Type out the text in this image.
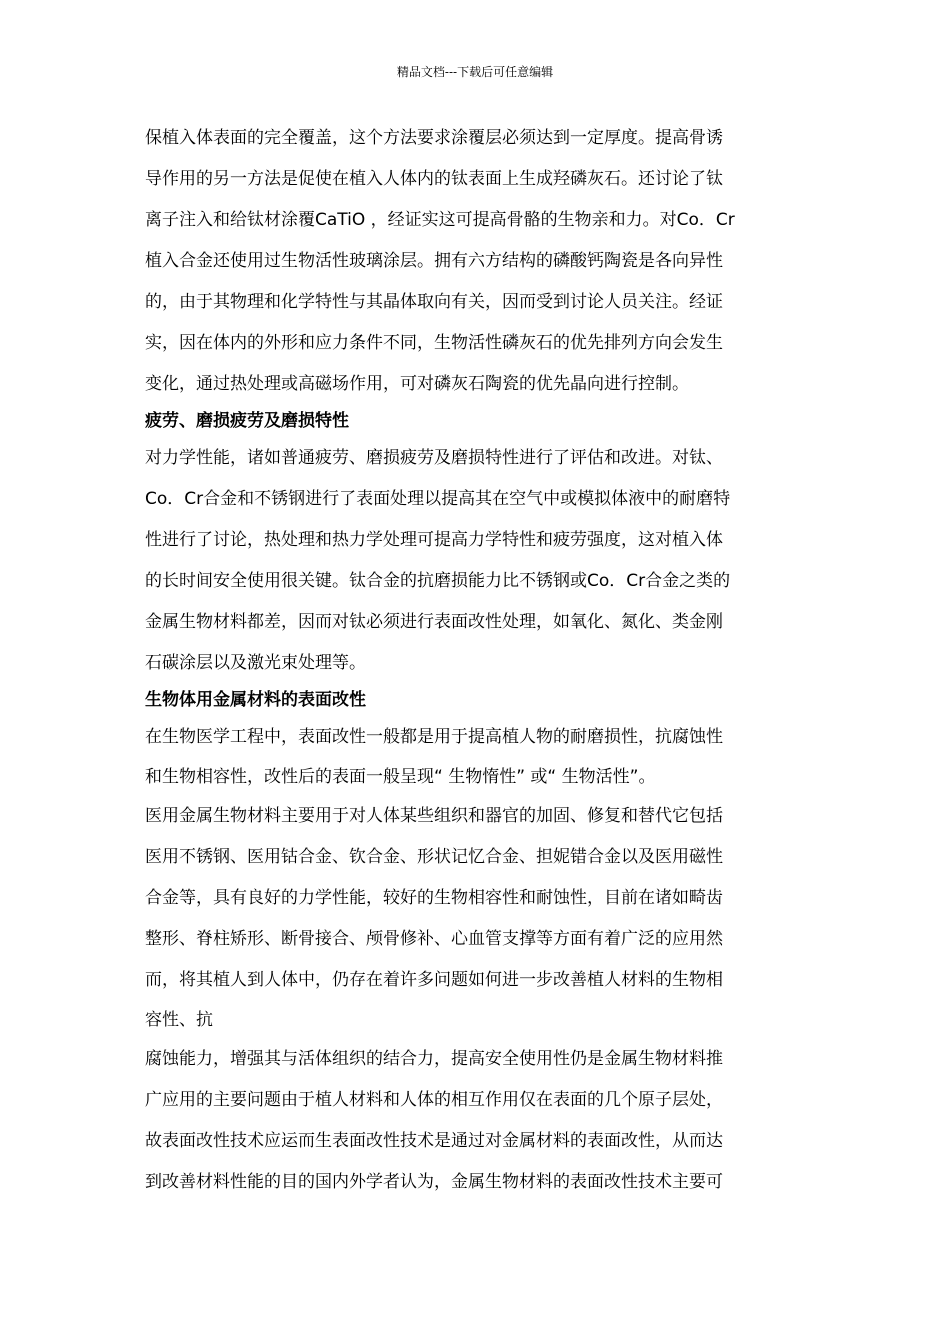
精品文档---下载后可任意编辑
保植入体表面的完全覆盖，这个方法要求涂覆层必须达到一定厚度。提高骨诱
导作用的另一方法是促使在植入人体内的钛表面上生成羟磷灰石。还讨论了钛
离子注入和给钛材涂覆CaTiO ，经证实这可提高骨骼的生物亲和力。对Co．Cr
植入合金还使用过生物活性玻璃涂层。拥有六方结构的磷酸钙陶瓷是各向异性
的，由于其物理和化学特性与其晶体取向有关，因而受到讨论人员关注。经证
实，因在体内的外形和应力条件不同，生物活性磷灰石的优先排列方向会发生
变化，通过热处理或高磁场作用，可对磷灰石陶瓷的优先晶向进行控制。
疲劳、磨损疲劳及磨损特性
对力学性能，诸如普通疲劳、磨损疲劳及磨损特性进行了评估和改进。对钛、
Co．Cr合金和不锈钢进行了表面处理以提高其在空气中或模拟体液中的耐磨特
性进行了讨论，热处理和热力学处理可提高力学特性和疲劳强度，这对植入体
的长时间安全使用很关键。钛合金的抗磨损能力比不锈钢或Co．Cr合金之类的
金属生物材料都差，因而对钛必须进行表面改性处理，如氧化、氮化、类金刚
石碳涂层以及激光束处理等。
生物体用金属材料的表面改性
在生物医学工程中，表面改性一般都是用于提高植人物的耐磨损性，抗腐蚀性
和生物相容性，改性后的表面一般呈现“ 生物惰性” 或“ 生物活性”。
医用金属生物材料主要用于对人体某些组织和器官的加固、修复和替代它包括
医用不锈钢、医用钴合金、钦合金、形状记忆合金、担妮错合金以及医用磁性
合金等，具有良好的力学性能，较好的生物相容性和耐蚀性，目前在诸如畸齿
整形、脊柱矫形、断骨接合、颅骨修补、心血管支撑等方面有着广泛的应用然
而，将其植人到人体中，仍存在着许多问题如何进一步改善植人材料的生物相
容性、抗
腐蚀能力，增强其与活体组织的结合力，提高安全使用性仍是金属生物材料推
广应用的主要问题由于植人材料和人体的相互作用仅在表面的几个原子层处，
故表面改性技术应运而生表面改性技术是通过对金属材料的表面改性，从而达
到改善材料性能的目的国内外学者认为，金属生物材料的表面改性技术主要可
